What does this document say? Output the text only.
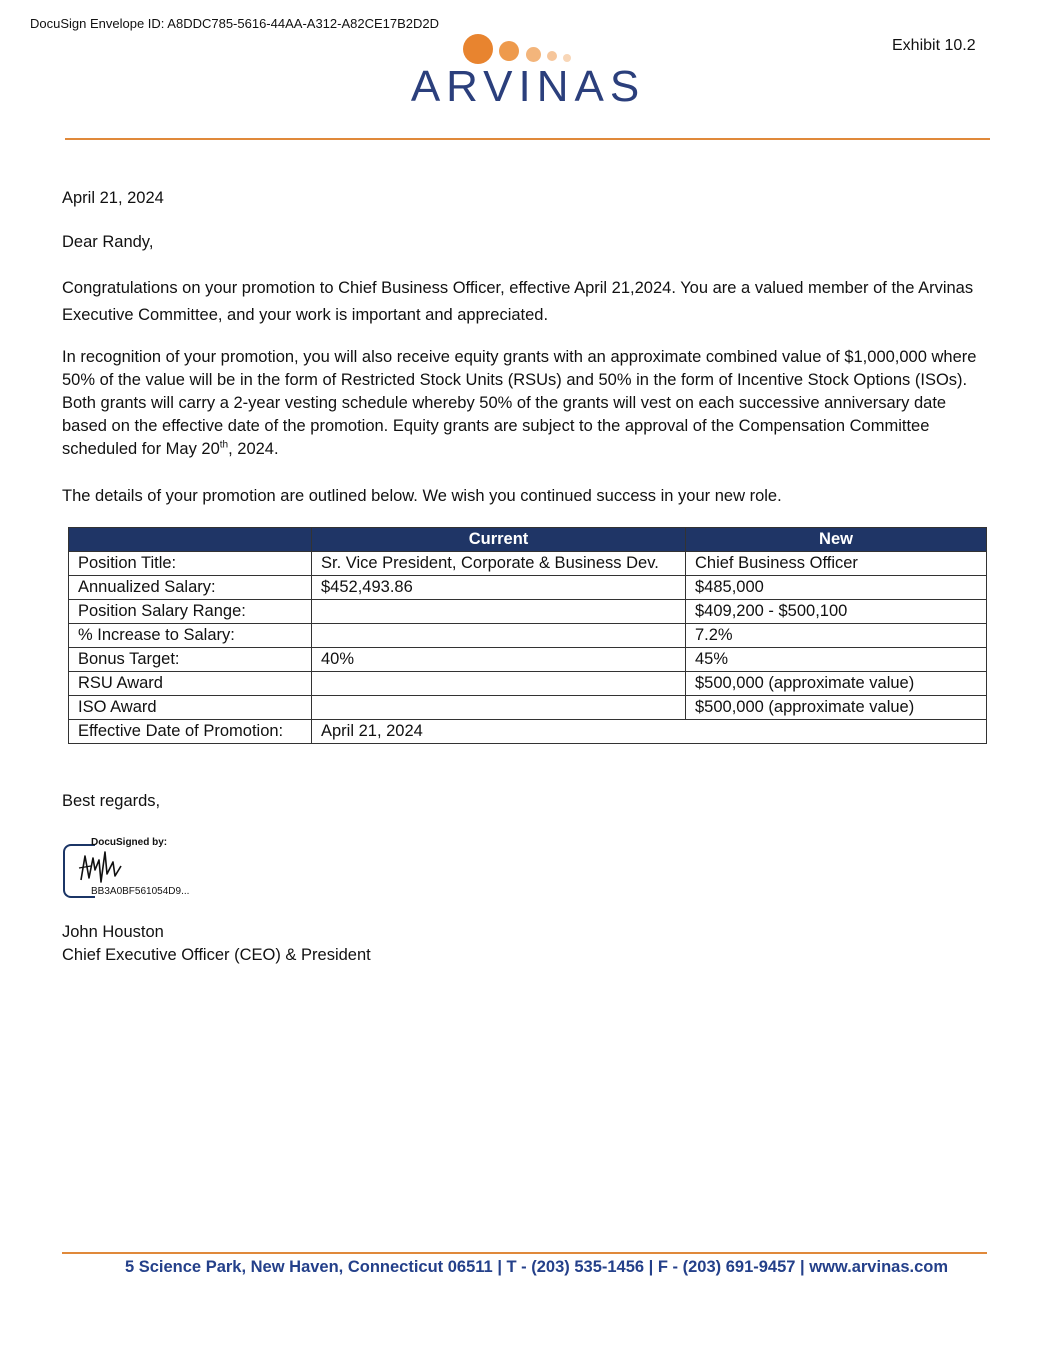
DocuSign Envelope ID: A8DDC785-5616-44AA-A312-A82CE17B2D2D
Exhibit 10.2
ARVINAS

April 21, 2024

Dear Randy,

Congratulations on your promotion to Chief Business Officer, effective April 21,2024. You are a valued member of the Arvinas Executive Committee, and your work is important and appreciated.

In recognition of your promotion, you will also receive equity grants with an approximate combined value of $1,000,000 where 50% of the value will be in the form of Restricted Stock Units (RSUs) and 50% in the form of Incentive Stock Options (ISOs). Both grants will carry a 2-year vesting schedule whereby 50% of the grants will vest on each successive anniversary date based on the effective date of the promotion. Equity grants are subject to the approval of the Compensation Committee scheduled for May 20th, 2024.

The details of your promotion are outlined below. We wish you continued success in your new role.

	Current	New
Position Title:	Sr. Vice President, Corporate & Business Dev.	Chief Business Officer
Annualized Salary:	$452,493.86	$485,000
Position Salary Range:		$409,200 - $500,100
% Increase to Salary:		7.2%
Bonus Target:	40%	45%
RSU Award		$500,000 (approximate value)
ISO Award		$500,000 (approximate value)
Effective Date of Promotion:	April 21, 2024	

Best regards,

DocuSigned by:
BB3A0BF561054D9...

John Houston

Chief Executive Officer (CEO) & President

5 Science Park, New Haven, Connecticut 06511 | T - (203) 535-1456 | F - (203) 691-9457 | www.arvinas.com
